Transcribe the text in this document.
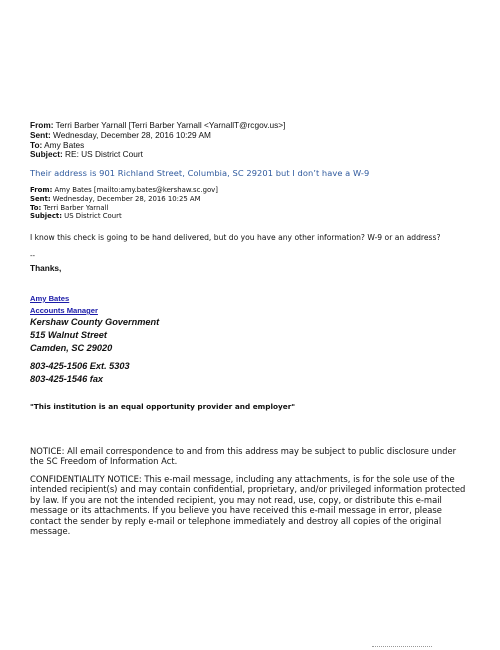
From: Terri Barber Yarnall [Terri Barber Yarnall <YarnallT@rcgov.us>]
Sent: Wednesday, December 28, 2016 10:29 AM
To: Amy Bates
Subject: RE: US District Court
Their address is 901 Richland Street, Columbia, SC 29201 but I don’t have a W-9
From: Amy Bates [mailto:amy.bates@kershaw.sc.gov]
Sent: Wednesday, December 28, 2016 10:25 AM
To: Terri Barber Yarnall
Subject: US District Court
I know this check is going to be hand delivered, but do you have any other information? W-9 or an address?
--
Thanks,
Amy Bates
Accounts Manager
Kershaw County Government
515 Walnut Street
Camden, SC 29020
803-425-1506 Ext. 5303
803-425-1546 fax
"This institution is an equal opportunity provider and employer"
NOTICE: All email correspondence to and from this address may be subject to public disclosure under the SC Freedom of Information Act.
CONFIDENTIALITY NOTICE: This e-mail message, including any attachments, is for the sole use of the intended recipient(s) and may contain confidential, proprietary, and/or privileged information protected by law. If you are not the intended recipient, you may not read, use, copy, or distribute this e-mail message or its attachments. If you believe you have received this e-mail message in error, please contact the sender by reply e-mail or telephone immediately and destroy all copies of the original message.
